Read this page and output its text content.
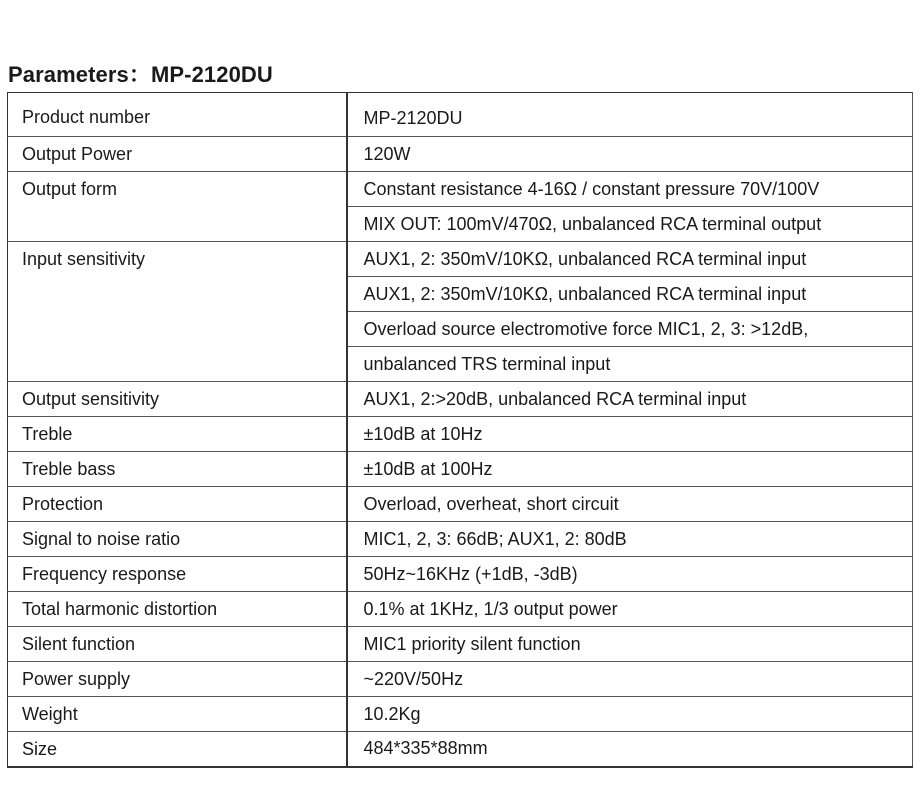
Parameters：MP-2120DU
Product number	MP-2120DU
Output Power	120W
Output form	Constant resistance 4-16Ω / constant pressure 70V/100V
	MIX OUT: 100mV/470Ω, unbalanced RCA terminal output
Input sensitivity	AUX1, 2: 350mV/10KΩ, unbalanced RCA terminal input
	AUX1, 2: 350mV/10KΩ, unbalanced RCA terminal input
	Overload source electromotive force MIC1, 2, 3: >12dB,
	unbalanced TRS terminal input
Output sensitivity	AUX1, 2:>20dB, unbalanced RCA terminal input
Treble	±10dB at 10Hz
Treble bass	±10dB at 100Hz
Protection	Overload, overheat, short circuit
Signal to noise ratio	MIC1, 2, 3: 66dB; AUX1, 2: 80dB
Frequency response	50Hz~16KHz (+1dB, -3dB)
Total harmonic distortion	0.1% at 1KHz, 1/3 output power
Silent function	MIC1 priority silent function
Power supply	~220V/50Hz
Weight	10.2Kg
Size	484*335*88mm
